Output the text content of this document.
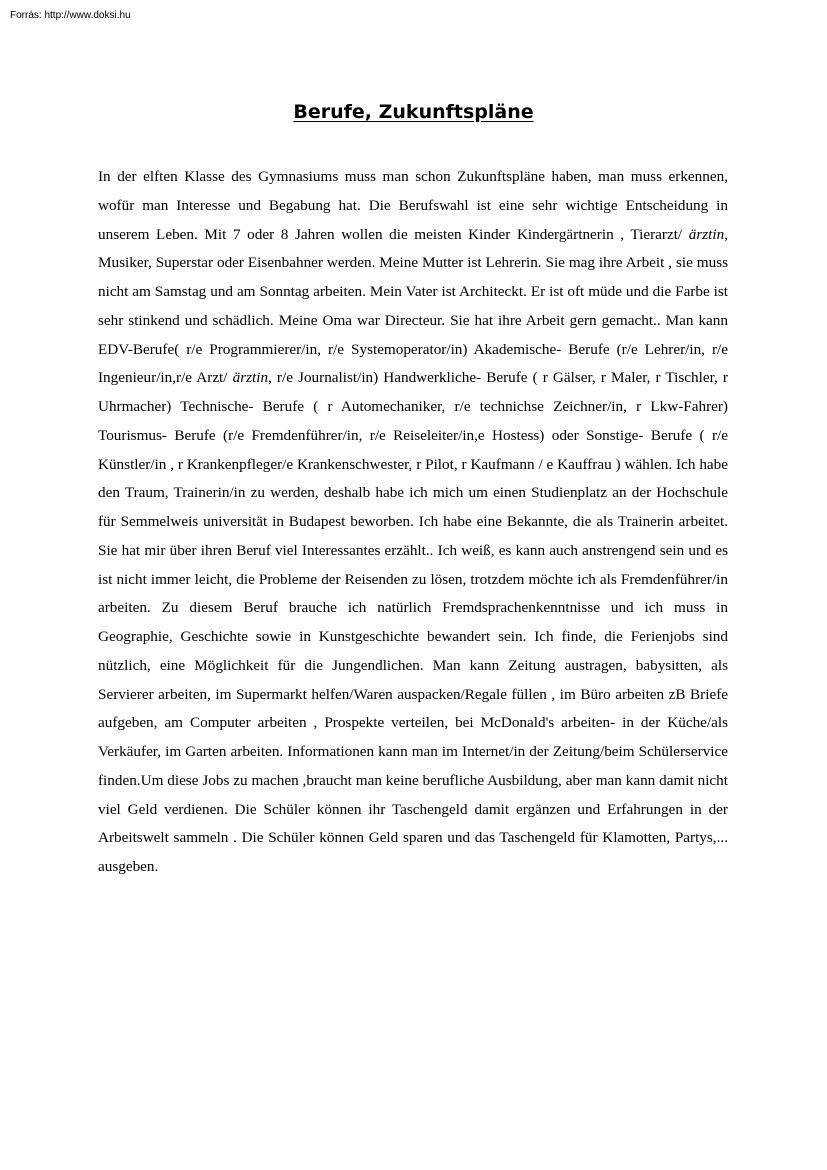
Forrás: http://www.doksi.hu
Berufe, Zukunftspläne

In der elften Klasse des Gymnasiums muss man schon Zukunftspläne haben, man muss erkennen, wofür man Interesse und Begabung hat. Die Berufswahl ist eine sehr wichtige Entscheidung in unserem Leben. Mit 7 oder 8 Jahren wollen die meisten Kinder Kindergärtnerin , Tierarzt/ ärztin, Musiker, Superstar oder Eisenbahner werden. Meine Mutter ist Lehrerin. Sie mag ihre Arbeit , sie muss nicht am Samstag und am Sonntag arbeiten. Mein Vater ist Architeckt. Er ist oft müde und die Farbe ist sehr stinkend und schädlich. Meine Oma war Directeur. Sie hat ihre Arbeit gern gemacht.. Man kann EDV-Berufe( r/e Programmierer/in, r/e Systemoperator/in) Akademische- Berufe (r/e Lehrer/in, r/e Ingenieur/in,r/e Arzt/ ärztin, r/e Journalist/in) Handwerkliche- Berufe ( r Gälser, r Maler, r Tischler, r Uhrmacher) Technische- Berufe ( r Automechaniker, r/e technichse Zeichner/in, r Lkw-Fahrer) Tourismus- Berufe (r/e Fremdenführer/in, r/e Reiseleiter/in,e Hostess) oder Sonstige- Berufe ( r/e Künstler/in , r Krankenpfleger/e Krankenschwester, r Pilot, r Kaufmann / e Kauffrau ) wählen. Ich habe den Traum, Trainerin/in zu werden, deshalb habe ich mich um einen Studienplatz an der Hochschule für Semmelweis universität in Budapest beworben. Ich habe eine Bekannte, die als Trainerin arbeitet. Sie hat mir über ihren Beruf viel Interessantes erzählt.. Ich weiß, es kann auch anstrengend sein und es ist nicht immer leicht, die Probleme der Reisenden zu lösen, trotzdem möchte ich als Fremdenführer/in arbeiten. Zu diesem Beruf brauche ich natürlich Fremdsprachenkenntnisse und ich muss in Geographie, Geschichte sowie in Kunstgeschichte bewandert sein. Ich finde, die Ferienjobs sind nützlich, eine Möglichkeit für die Jungendlichen. Man kann Zeitung austragen, babysitten, als Servierer arbeiten, im Supermarkt helfen/Waren auspacken/Regale füllen , im Büro arbeiten zB Briefe aufgeben, am Computer arbeiten , Prospekte verteilen, bei McDonald's arbeiten- in der Küche/als Verkäufer, im Garten arbeiten. Informationen kann man im Internet/in der Zeitung/beim Schülerservice finden.Um diese Jobs zu machen ,braucht man keine berufliche Ausbildung, aber man kann damit nicht viel Geld verdienen. Die Schüler können ihr Taschengeld damit ergänzen und Erfahrungen in der Arbeitswelt sammeln . Die Schüler können Geld sparen und das Taschengeld für Klamotten, Partys,... ausgeben.
